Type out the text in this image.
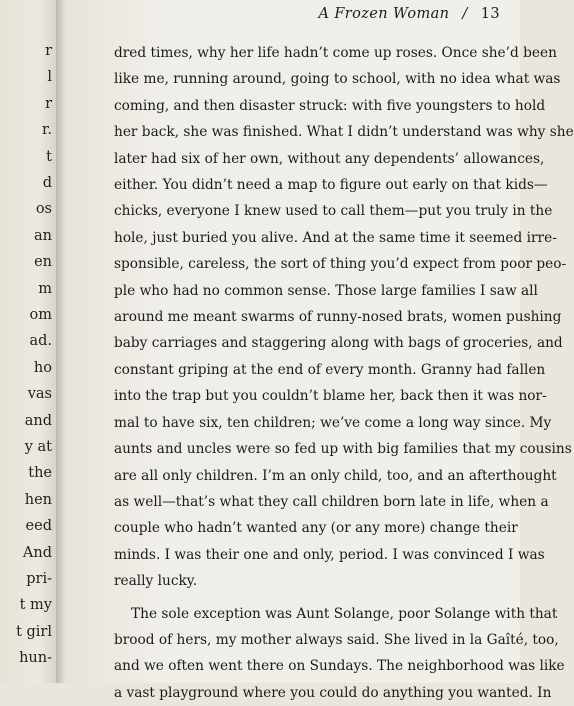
r
l
r
r.
t
d
os
an
en
m
om
ad.
ho
vas
and
y at
the
hen
eed
And
pri-
t my
t girl
hun-
A Frozen Woman / 13
dred times, why her life hadn’t come up roses. Once she’d been
like me, running around, going to school, with no idea what was
coming, and then disaster struck: with five youngsters to hold
her back, she was finished. What I didn’t understand was why she
later had six of her own, without any dependents’ allowances,
either. You didn’t need a map to figure out early on that kids—
chicks, everyone I knew used to call them—put you truly in the
hole, just buried you alive. And at the same time it seemed irre-
sponsible, careless, the sort of thing you’d expect from poor peo-
ple who had no common sense. Those large families I saw all
around me meant swarms of runny-nosed brats, women pushing
baby carriages and staggering along with bags of groceries, and
constant griping at the end of every month. Granny had fallen
into the trap but you couldn’t blame her, back then it was nor-
mal to have six, ten children; we’ve come a long way since. My
aunts and uncles were so fed up with big families that my cousins
are all only children. I’m an only child, too, and an afterthought
as well—that’s what they call children born late in life, when a
couple who hadn’t wanted any (or any more) change their
minds. I was their one and only, period. I was convinced I was
really lucky.
The sole exception was Aunt Solange, poor Solange with that
brood of hers, my mother always said. She lived in la Gaîté, too,
and we often went there on Sundays. The neighborhood was like
a vast playground where you could do anything you wanted. In
